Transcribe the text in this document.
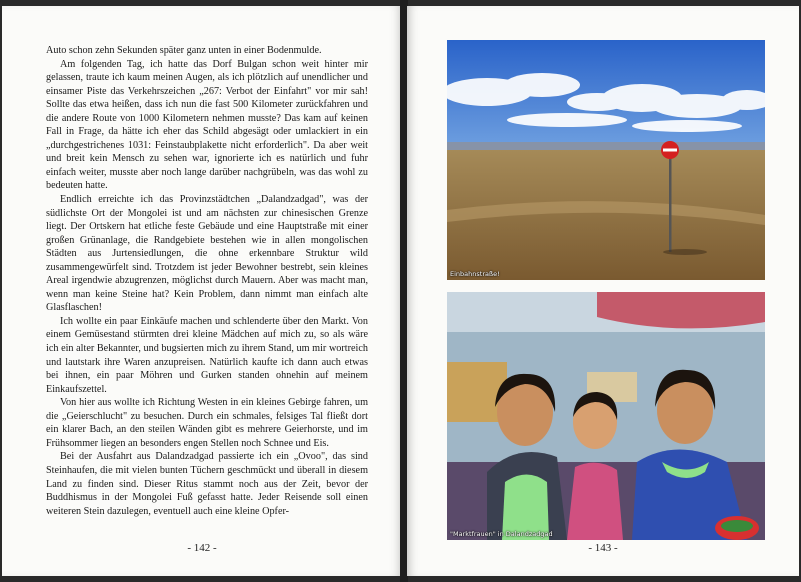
Auto schon zehn Sekunden später ganz unten in einer Bodenmulde.

Am folgenden Tag, ich hatte das Dorf Bulgan schon weit hinter mir gelassen, traute ich kaum meinen Augen, als ich plötzlich auf unendlicher und einsamer Piste das Verkehrszeichen „267: Verbot der Einfahrt" vor mir sah! Sollte das etwa heißen, dass ich nun die fast 500 Kilometer zurückfahren und die andere Route von 1000 Kilometern nehmen musste? Das kam auf keinen Fall in Frage, da hätte ich eher das Schild abgesägt oder umlackiert in ein „durchgestrichenes 1031: Feinstaubplakette nicht erforderlich". Da aber weit und breit kein Mensch zu sehen war, ignorierte ich es natürlich und fuhr einfach weiter, musste aber noch lange darüber nachgrübeln, was das wohl zu bedeuten hatte.

Endlich erreichte ich das Provinzstädtchen „Dalandzadgad", was der südlichste Ort der Mongolei ist und am nächsten zur chinesischen Grenze liegt. Der Ortskern hat etliche feste Gebäude und eine Hauptstraße mit einer großen Grünanlage, die Randgebiete bestehen wie in allen mongolischen Städten aus Jurtensiedlungen, die ohne erkennbare Struktur wild zusammengewürfelt sind. Trotzdem ist jeder Bewohner bestrebt, sein kleines Areal irgendwie abzugrenzen, möglichst durch Mauern. Aber was macht man, wenn man keine Steine hat? Kein Problem, dann nimmt man einfach alte Glasflaschen!

Ich wollte ein paar Einkäufe machen und schlenderte über den Markt. Von einem Gemüsestand stürmten drei kleine Mädchen auf mich zu, so als wäre ich ein alter Bekannter, und bugsierten mich zu ihrem Stand, um mir wortreich und lautstark ihre Waren anzupreisen. Natürlich kaufte ich dann auch etwas bei ihnen, ein paar Möhren und Gurken standen ohnehin auf meinem Einkaufszettel.

Von hier aus wollte ich Richtung Westen in ein kleines Gebirge fahren, um die „Geierschlucht" zu besuchen. Durch ein schmales, felsiges Tal fließt dort ein klarer Bach, an den steilen Wänden gibt es mehrere Geierhorste, und im Frühsommer liegen an besonders engen Stellen noch Schnee und Eis.

Bei der Ausfahrt aus Dalandzadgad passierte ich ein „Ovoo", das sind Steinhaufen, die mit vielen bunten Tüchern geschmückt und überall in diesem Land zu finden sind. Dieser Ritus stammt noch aus der Zeit, bevor der Buddhismus in der Mongolei Fuß gefasst hatte. Jeder Reisende soll einen weiteren Stein dazulegen, eventuell auch eine kleine Opfer-

- 142 -
Einbahnstraße!
"Marktfrauen" in Dalandzadgad
- 143 -
